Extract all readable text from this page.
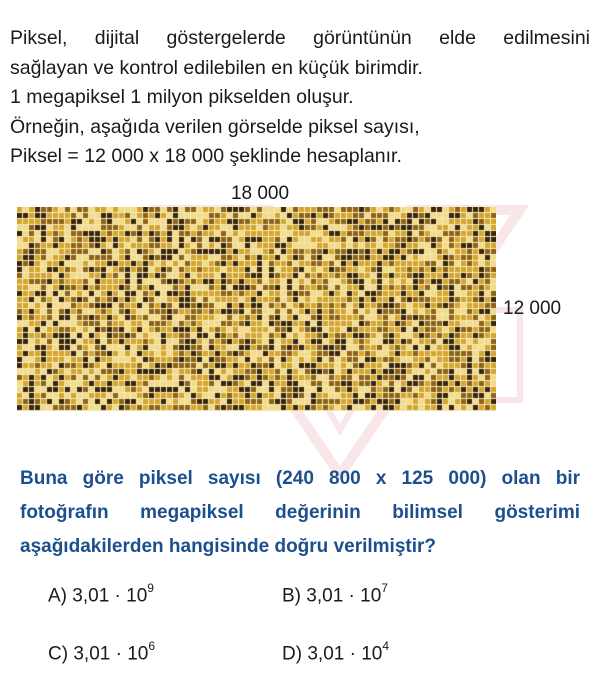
Piksel, dijital göstergelerde görüntünün elde edilmesini
sağlayan ve kontrol edilebilen en küçük birimdir.
1 megapiksel 1 milyon pikselden oluşur.
Örneğin, aşağıda verilen görselde piksel sayısı,
Piksel = 12 000 x 18 000 şeklinde hesaplanır.
18 000
12 000
Buna göre piksel sayısı (240 800 x 125 000) olan bir
fotoğrafın megapiksel değerinin bilimsel gösterimi
aşağıdakilerden hangisinde doğru verilmiştir?
A) $3,01 \cdot 10^9$	B) $3,01 \cdot 10^7$
C) $3,01 \cdot 10^6$	D) $3,01 \cdot 10^4$
